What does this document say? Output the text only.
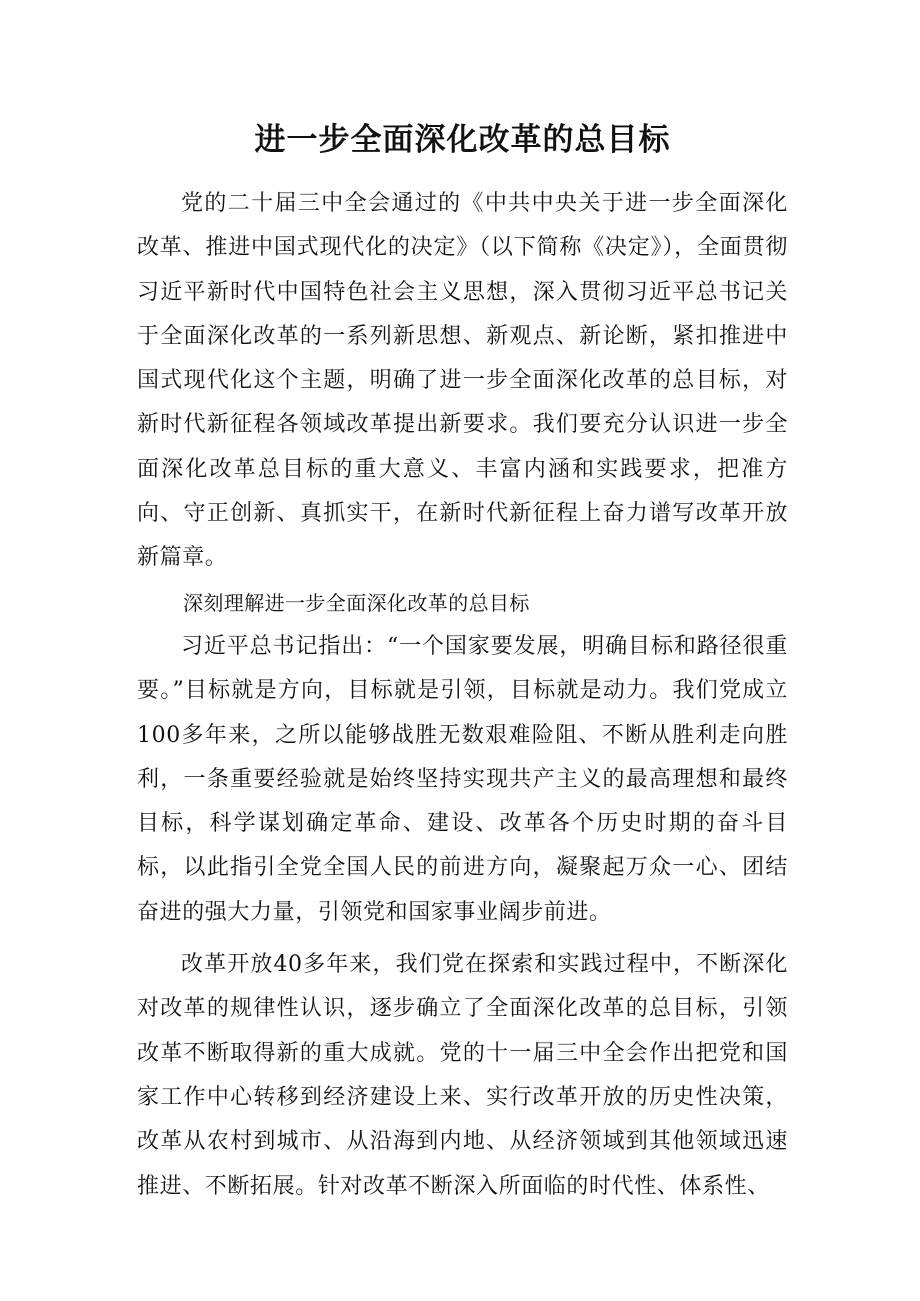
进一步全面深化改革的总目标

党的二十届三中全会通过的《中共中央关于进一步全面深化改革、推进中国式现代化的决定》（以下简称《决定》），全面贯彻习近平新时代中国特色社会主义思想，深入贯彻习近平总书记关于全面深化改革的一系列新思想、新观点、新论断，紧扣推进中国式现代化这个主题，明确了进一步全面深化改革的总目标，对新时代新征程各领域改革提出新要求。我们要充分认识进一步全面深化改革总目标的重大意义、丰富内涵和实践要求，把准方向、守正创新、真抓实干，在新时代新征程上奋力谱写改革开放新篇章。

深刻理解进一步全面深化改革的总目标

习近平总书记指出：“一个国家要发展，明确目标和路径很重要。”目标就是方向，目标就是引领，目标就是动力。我们党成立100多年来，之所以能够战胜无数艰难险阻、不断从胜利走向胜利，一条重要经验就是始终坚持实现共产主义的最高理想和最终目标，科学谋划确定革命、建设、改革各个历史时期的奋斗目标，以此指引全党全国人民的前进方向，凝聚起万众一心、团结奋进的强大力量，引领党和国家事业阔步前进。

改革开放40多年来，我们党在探索和实践过程中，不断深化对改革的规律性认识，逐步确立了全面深化改革的总目标，引领改革不断取得新的重大成就。党的十一届三中全会作出把党和国家工作中心转移到经济建设上来、实行改革开放的历史性决策，改革从农村到城市、从沿海到内地、从经济领域到其他领域迅速推进、不断拓展。针对改革不断深入所面临的时代性、体系性、
